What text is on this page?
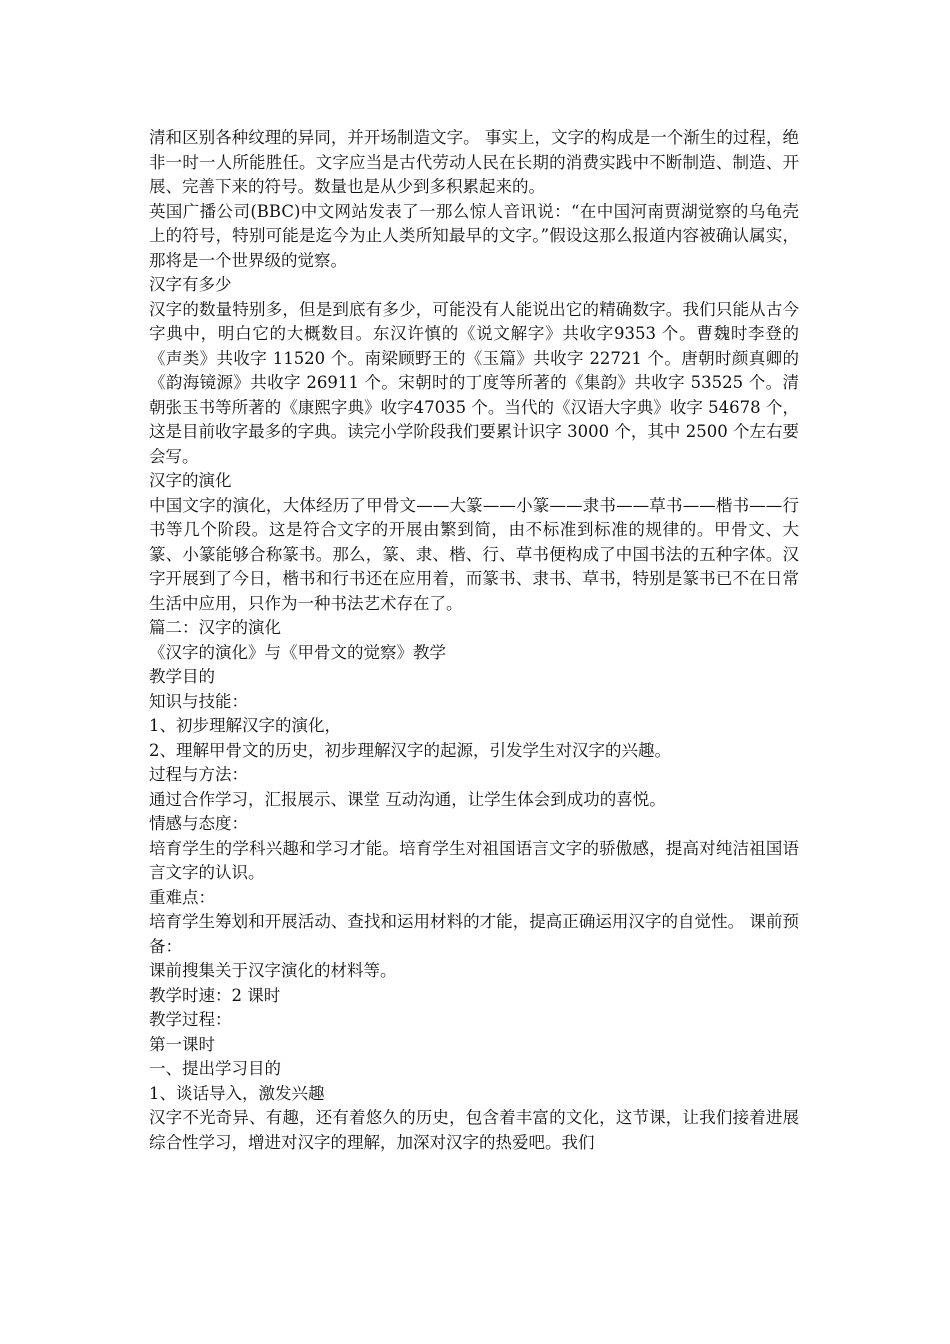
清和区别各种纹理的异同，并开场制造文字。 事实上，文字的构成是一个渐生的过程，绝非一时一人所能胜任。文字应当是古代劳动人民在长期的消费实践中不断制造、制造、开展、完善下来的符号。数量也是从少到多积累起来的。

英国广播公司(BBC)中文网站发表了一那么惊人音讯说：“在中国河南贾湖觉察的乌龟壳上的符号，特别可能是迄今为止人类所知最早的文字。”假设这那么报道内容被确认属实，那将是一个世界级的觉察。

汉字有多少

汉字的数量特别多，但是到底有多少，可能没有人能说出它的精确数字。我们只能从古今字典中，明白它的大概数目。东汉许慎的《说文解字》共收字9353 个。曹魏时李登的《声类》共收字 11520 个。南梁顾野王的《玉篇》共收字 22721 个。唐朝时颜真卿的《韵海镜源》共收字 26911 个。宋朝时的丁度等所著的《集韵》共收字 53525 个。清朝张玉书等所著的《康熙字典》收字47035 个。当代的《汉语大字典》收字 54678 个，这是目前收字最多的字典。读完小学阶段我们要累计识字 3000 个，其中 2500 个左右要会写。

汉字的演化

中国文字的演化，大体经历了甲骨文——大篆——小篆——隶书——草书——楷书——行书等几个阶段。这是符合文字的开展由繁到简，由不标准到标准的规律的。甲骨文、大篆、小篆能够合称篆书。那么，篆、隶、楷、行、草书便构成了中国书法的五种字体。汉字开展到了今日，楷书和行书还在应用着，而篆书、隶书、草书，特别是篆书已不在日常生活中应用，只作为一种书法艺术存在了。

篇二：汉字的演化

《汉字的演化》与《甲骨文的觉察》教学

教学目的

知识与技能：

1、初步理解汉字的演化，

2、理解甲骨文的历史，初步理解汉字的起源，引发学生对汉字的兴趣。

过程与方法：

通过合作学习，汇报展示、课堂 互动沟通，让学生体会到成功的喜悦。

情感与态度：

培育学生的学科兴趣和学习才能。培育学生对祖国语言文字的骄傲感，提高对纯洁祖国语言文字的认识。

重难点：

培育学生筹划和开展活动、查找和运用材料的才能，提高正确运用汉字的自觉性。 课前预备：

课前搜集关于汉字演化的材料等。

教学时速：2 课时

教学过程：

第一课时

一、提出学习目的

1、谈话导入，激发兴趣

汉字不光奇异、有趣，还有着悠久的历史，包含着丰富的文化，这节课，让我们接着进展综合性学习，增进对汉字的理解，加深对汉字的热爱吧。我们
